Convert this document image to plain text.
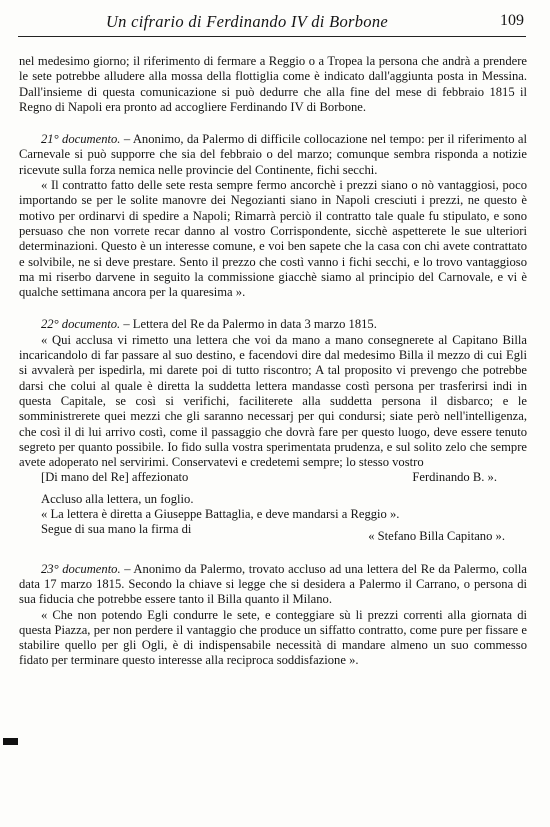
Un cifrario di Ferdinando IV di Borbone	109

nel medesimo giorno; il riferimento di fermare a Reggio o a Tropea la persona che andrà a prendere le sete potrebbe alludere alla mossa della flottiglia come è indicato dall'aggiunta posta in Messina. Dall'insieme di questa comunicazione si può dedurre che alla fine del mese di febbraio 1815 il Regno di Napoli era pronto ad accogliere Ferdinando IV di Borbone.

21° documento. – Anonimo, da Palermo di difficile collocazione nel tempo: per il riferimento al Carnevale si può supporre che sia del febbraio o del marzo; comunque sembra risponda a notizie ricevute sulla forza nemica nelle provincie del Continente, fichi secchi.

« Il contratto fatto delle sete resta sempre fermo ancorchè i prezzi siano o nò vantaggiosi, poco importando se per le solite manovre dei Negozianti siano in Napoli cresciuti i prezzi, ne questo è motivo per ordinarvi di spedire a Napoli; Rimarrà perciò il contratto tale quale fu stipulato, e sono persuaso che non vorrete recar danno al vostro Corrispondente, sicchè aspetterete le sue ulteriori determinazioni. Questo è un interesse comune, e voi ben sapete che la casa con chi avete contrattato e solvibile, ne si deve prestare. Sento il prezzo che costì vanno i fichi secchi, e lo trovo vantaggioso ma mi riserbo darvene in seguito la commissione giacchè siamo al principio del Carnovale, e vi è qualche settimana ancora per la quaresima ».

22° documento. – Lettera del Re da Palermo in data 3 marzo 1815.

« Qui acclusa vi rimetto una lettera che voi da mano a mano consegnerete al Capitano Billa incaricandolo di far passare al suo destino, e facendovi dire dal medesimo Billa il mezzo di cui Egli si avvalerà per ispedirla, mi darete poi di tutto riscontro; A tal proposito vi prevengo che potrebbe darsi che colui al quale è diretta la suddetta lettera mandasse costì persona per trasferirsi indi in questa Capitale, se così si verifichi, faciliterete alla suddetta persona il disbarco; e le somministrerete quei mezzi che gli saranno necessarj per qui condursi; siate però nell'intelligenza, che così il di lui arrivo costì, come il passaggio che dovrà fare per questo luogo, deve essere tenuto segreto per quanto possibile. Io fido sulla vostra sperimentata prudenza, e sul solito zelo che sempre avete adoperato nel servirimi. Conservatevi e credetemi sempre; lo stesso vostro

[Di mano del Re] affezionato	Ferdinando B. ».

Accluso alla lettera, un foglio.

« La lettera è diretta a Giuseppe Battaglia, e deve mandarsi a Reggio ».

Segue di sua mano la firma di	« Stefano Billa Capitano ».

23° documento. – Anonimo da Palermo, trovato accluso ad una lettera del Re da Palermo, colla data 17 marzo 1815. Secondo la chiave si legge che si desidera a Palermo il Carrano, o persona di sua fiducia che potrebbe essere tanto il Billa quanto il Milano.

« Che non potendo Egli condurre le sete, e conteggiare sù li prezzi correnti alla giornata di questa Piazza, per non perdere il vantaggio che produce un siffatto contratto, come pure per fissare e stabilire quello per gli Ogli, è di indispensabile necessità di mandare almeno un suo commesso fidato per terminare questo interesse alla reciproca soddisfazione ».
